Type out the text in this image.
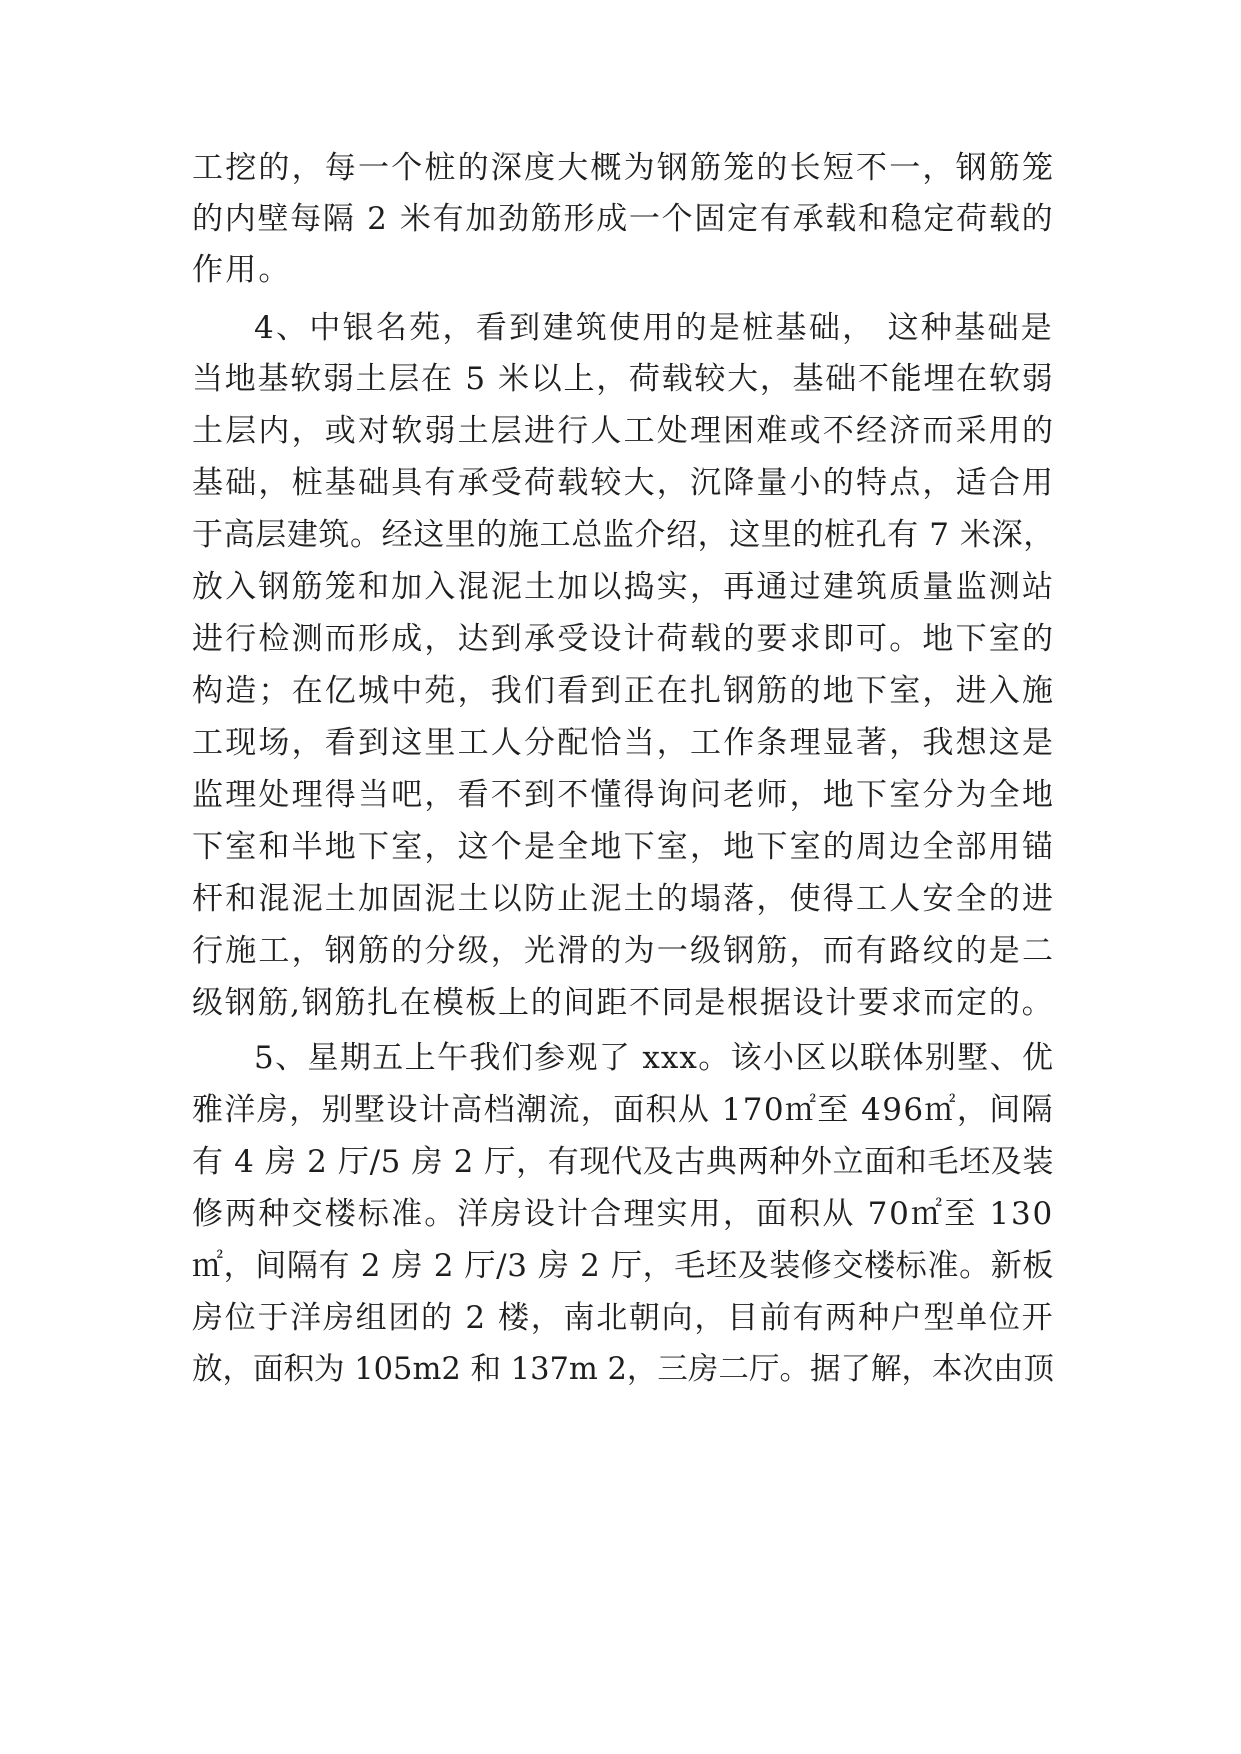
工挖的，每一个桩的深度大概为钢筋笼的长短不一，钢筋笼
的内壁每隔 2 米有加劲筋形成一个固定有承载和稳定荷载的
作用。
4、中银名苑，看到建筑使用的是桩基础， 这种基础是
当地基软弱土层在 5 米以上，荷载较大，基础不能埋在软弱
土层内，或对软弱土层进行人工处理困难或不经济而采用的
基础，桩基础具有承受荷载较大，沉降量小的特点，适合用
于高层建筑。经这里的施工总监介绍，这里的桩孔有 7 米深，
放入钢筋笼和加入混泥土加以捣实，再通过建筑质量监测站
进行检测而形成，达到承受设计荷载的要求即可。地下室的
构造；在亿城中苑，我们看到正在扎钢筋的地下室，进入施
工现场，看到这里工人分配恰当，工作条理显著，我想这是
监理处理得当吧，看不到不懂得询问老师，地下室分为全地
下室和半地下室，这个是全地下室，地下室的周边全部用锚
杆和混泥土加固泥土以防止泥土的塌落，使得工人安全的进
行施工，钢筋的分级，光滑的为一级钢筋，而有路纹的是二
级钢筋,钢筋扎在模板上的间距不同是根据设计要求而定的。
5、星期五上午我们参观了 xxx。该小区以联体别墅、优
雅洋房，别墅设计高档潮流，面积从 170㎡至 496㎡，间隔
有 4 房 2 厅/5 房 2 厅，有现代及古典两种外立面和毛坯及装
修两种交楼标准。洋房设计合理实用，面积从 70㎡至 130
㎡，间隔有 2 房 2 厅/3 房 2 厅，毛坯及装修交楼标准。新板
房位于洋房组团的 2 楼，南北朝向，目前有两种户型单位开
放，面积为 105m2 和 137m 2，三房二厅。据了解，本次由顶
